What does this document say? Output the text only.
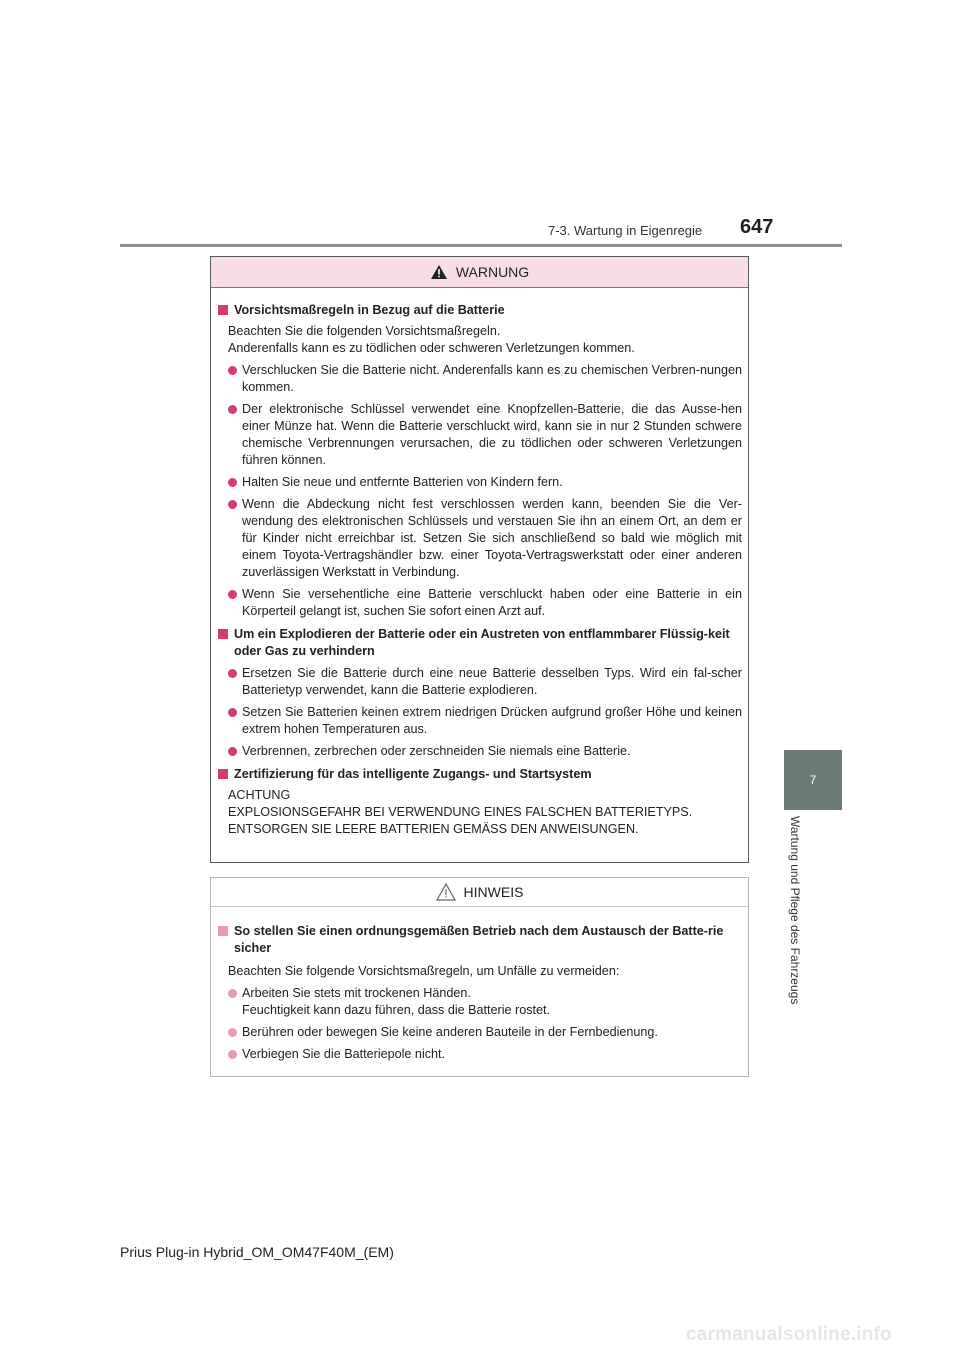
7-3. Wartung in Eigenregie 647
7
Wartung und Pflege des Fahrzeugs
WARNUNG
Vorsichtsmaßregeln in Bezug auf die Batterie
Beachten Sie die folgenden Vorsichtsmaßregeln.
Anderenfalls kann es zu tödlichen oder schweren Verletzungen kommen.
Verschlucken Sie die Batterie nicht. Anderenfalls kann es zu chemischen Verbren-nungen kommen.
Der elektronische Schlüssel verwendet eine Knopfzellen-Batterie, die das Ausse-hen einer Münze hat. Wenn die Batterie verschluckt wird, kann sie in nur 2 Stunden schwere chemische Verbrennungen verursachen, die zu tödlichen oder schweren Verletzungen führen können.
Halten Sie neue und entfernte Batterien von Kindern fern.
Wenn die Abdeckung nicht fest verschlossen werden kann, beenden Sie die Ver-wendung des elektronischen Schlüssels und verstauen Sie ihn an einem Ort, an dem er für Kinder nicht erreichbar ist. Setzen Sie sich anschließend so bald wie möglich mit einem Toyota-Vertragshändler bzw. einer Toyota-Vertragswerkstatt oder einer anderen zuverlässigen Werkstatt in Verbindung.
Wenn Sie versehentliche eine Batterie verschluckt haben oder eine Batterie in ein Körperteil gelangt ist, suchen Sie sofort einen Arzt auf.
Um ein Explodieren der Batterie oder ein Austreten von entflammbarer Flüssig-keit oder Gas zu verhindern
Ersetzen Sie die Batterie durch eine neue Batterie desselben Typs. Wird ein fal-scher Batterietyp verwendet, kann die Batterie explodieren.
Setzen Sie Batterien keinen extrem niedrigen Drücken aufgrund großer Höhe und keinen extrem hohen Temperaturen aus.
Verbrennen, zerbrechen oder zerschneiden Sie niemals eine Batterie.
Zertifizierung für das intelligente Zugangs- und Startsystem
ACHTUNG
EXPLOSIONSGEFAHR BEI VERWENDUNG EINES FALSCHEN BATTERIETYPS.
ENTSORGEN SIE LEERE BATTERIEN GEMÄSS DEN ANWEISUNGEN.
HINWEIS
So stellen Sie einen ordnungsgemäßen Betrieb nach dem Austausch der Batte-rie sicher
Beachten Sie folgende Vorsichtsmaßregeln, um Unfälle zu vermeiden:
Arbeiten Sie stets mit trockenen Händen.
Feuchtigkeit kann dazu führen, dass die Batterie rostet.
Berühren oder bewegen Sie keine anderen Bauteile in der Fernbedienung.
Verbiegen Sie die Batteriepole nicht.
Prius Plug-in Hybrid_OM_OM47F40M_(EM)
carmanualsonline.info
